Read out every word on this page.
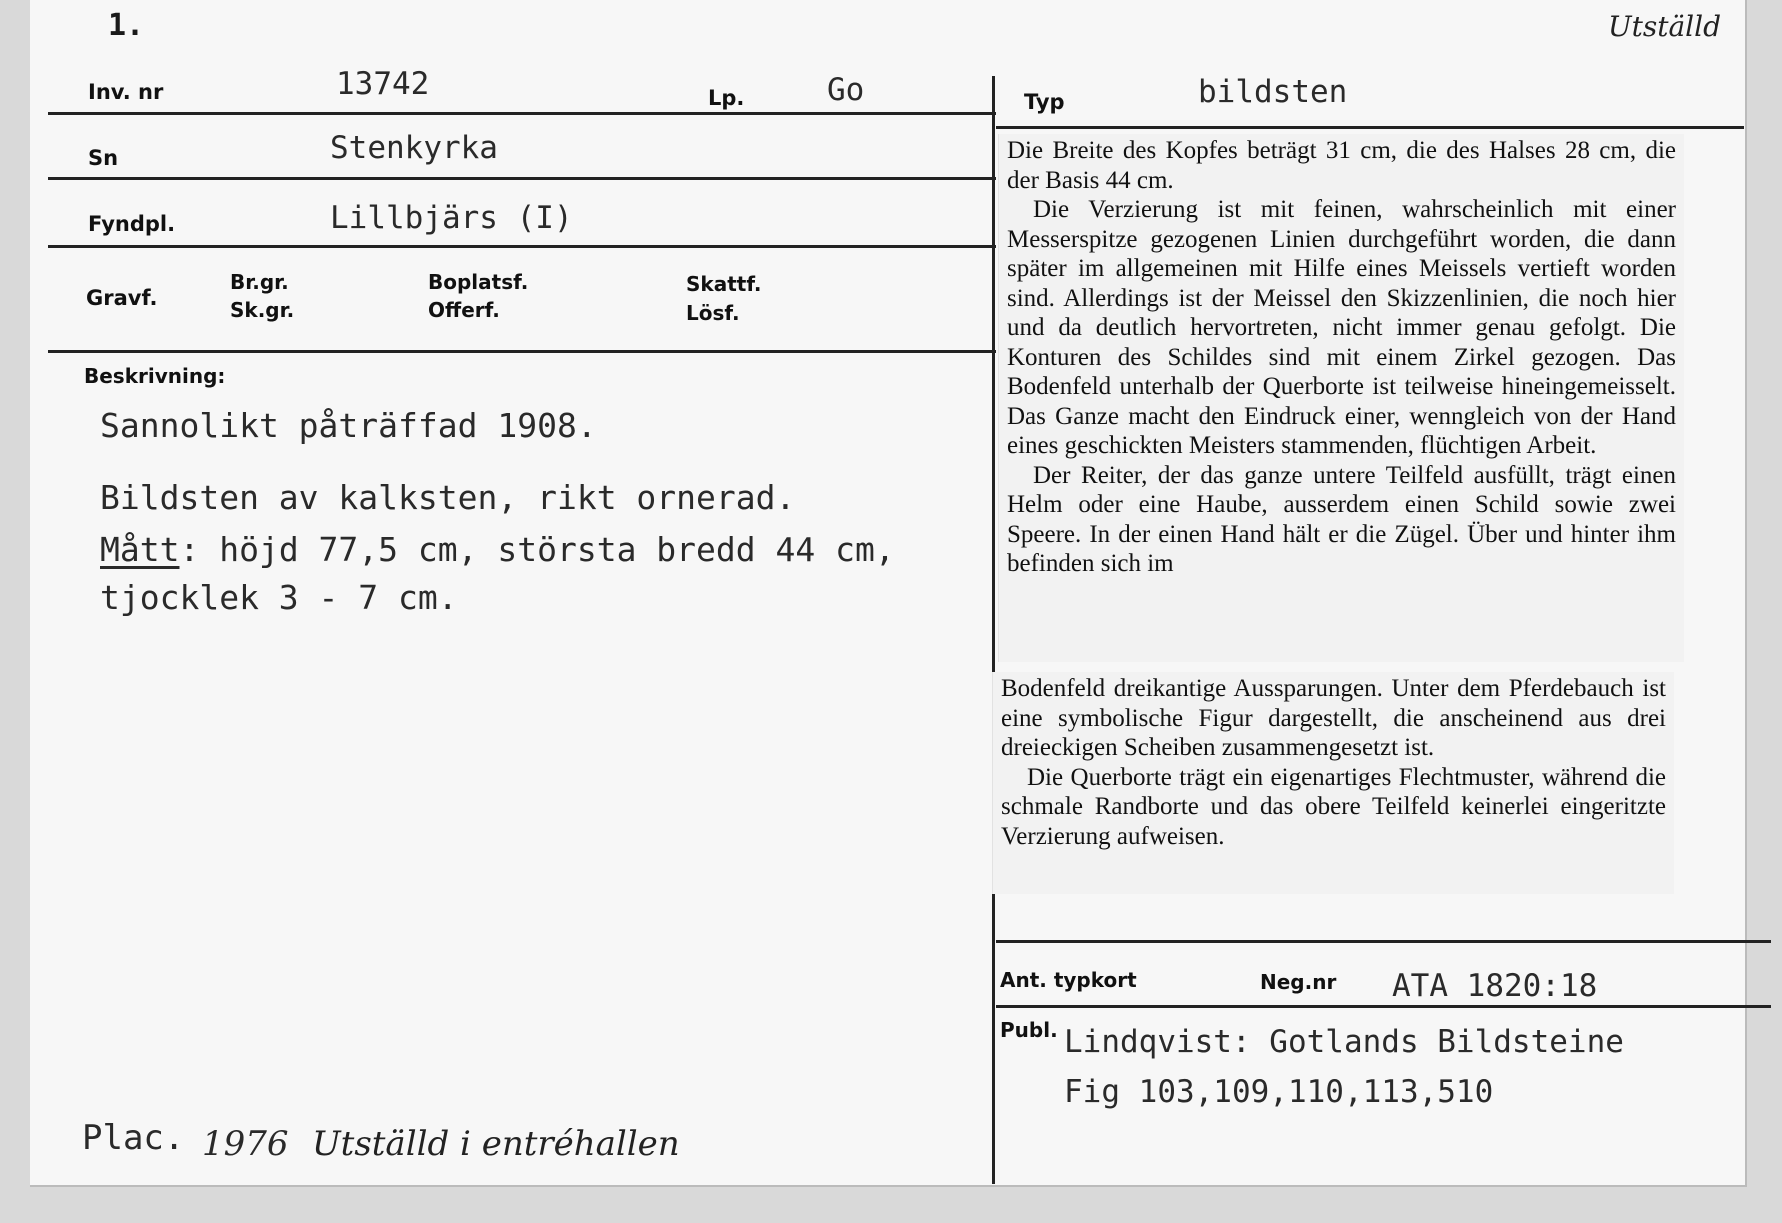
1.	Utställd
Inv. nr	13742	Lp.	Go	Typ	bildsten
Sn	Stenkyrka
Fyndpl.	Lillbjärs (I)
Gravf.
Br.gr.
Sk.gr.
Boplatsf.
Offerf.
Skattf.
Lösf.
Beskrivning:
Sannolikt påträffad 1908.
Bildsten av kalksten, rikt ornerad.
Mått: höjd 77,5 cm, största bredd 44 cm,
tjocklek 3 - 7 cm.
Plac. 1976 Utställd i entréhallen

Die Breite des Kopfes beträgt 31 cm, die des Halses 28 cm, die der Basis 44 cm.

Die Verzierung ist mit feinen, wahrscheinlich mit einer Messerspitze gezogenen Linien durchgeführt worden, die dann später im allgemeinen mit Hilfe eines Meissels vertieft worden sind. Allerdings ist der Meissel den Skizzenlinien, die noch hier und da deutlich hervortreten, nicht immer genau gefolgt. Die Konturen des Schildes sind mit einem Zirkel gezogen. Das Bodenfeld unterhalb der Querborte ist teilweise hineingemeisselt. Das Ganze macht den Eindruck einer, wenngleich von der Hand eines geschickten Meisters stammenden, flüchtigen Arbeit.

Der Reiter, der das ganze untere Teilfeld ausfüllt, trägt einen Helm oder eine Haube, ausserdem einen Schild sowie zwei Speere. In der einen Hand hält er die Zügel. Über und hinter ihm befinden sich im

Bodenfeld dreikantige Aussparungen. Unter dem Pferdebauch ist eine symbolische Figur dargestellt, die anscheinend aus drei dreieckigen Scheiben zusammengesetzt ist.

Die Querborte trägt ein eigenartiges Flechtmuster, während die schmale Randborte und das obere Teilfeld keinerlei eingeritzte Verzierung aufweisen.

Ant. typkort	Neg.nr ATA 1820:18
Publ. Lindqvist: Gotlands Bildsteine
Fig 103,109,110,113,510
